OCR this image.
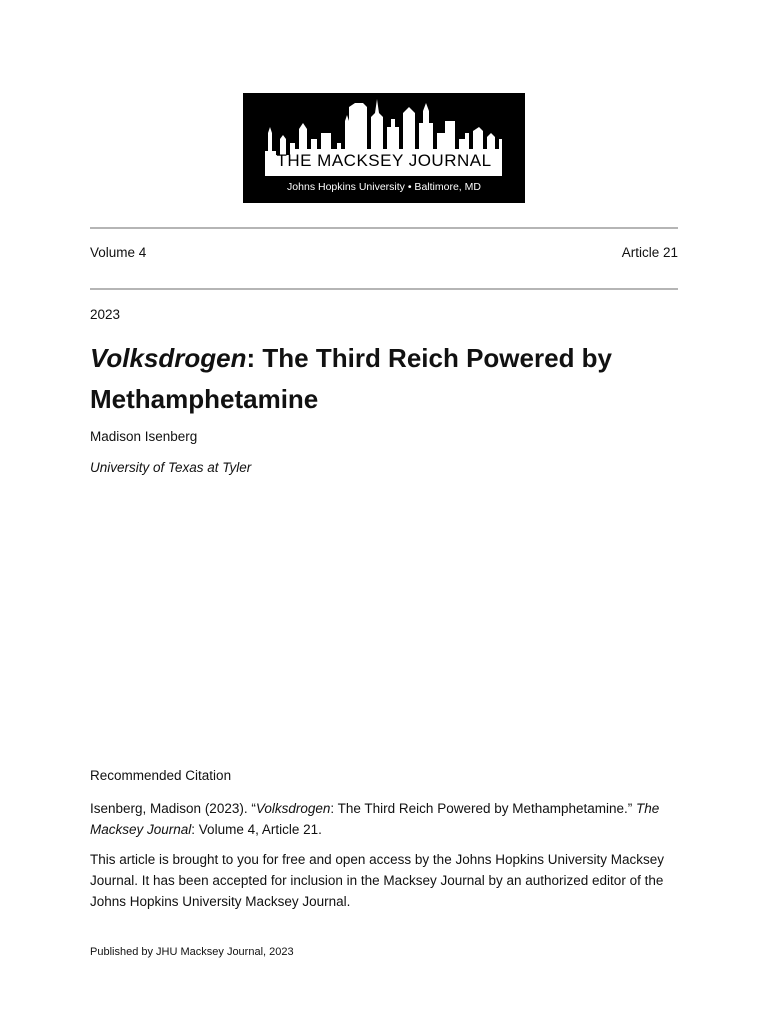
THE MACKSEY JOURNAL
Johns Hopkins University • Baltimore, MD
Volume 4	Article 21
2023
Volksdrogen: The Third Reich Powered by Methamphetamine
Madison Isenberg
University of Texas at Tyler
Recommended Citation

Isenberg, Madison (2023). “Volksdrogen: The Third Reich Powered by Methamphetamine.” The Macksey Journal: Volume 4, Article 21.

This article is brought to you for free and open access by the Johns Hopkins University Macksey Journal. It has been accepted for inclusion in the Macksey Journal by an authorized editor of the Johns Hopkins University Macksey Journal.

Published by JHU Macksey Journal, 2023
